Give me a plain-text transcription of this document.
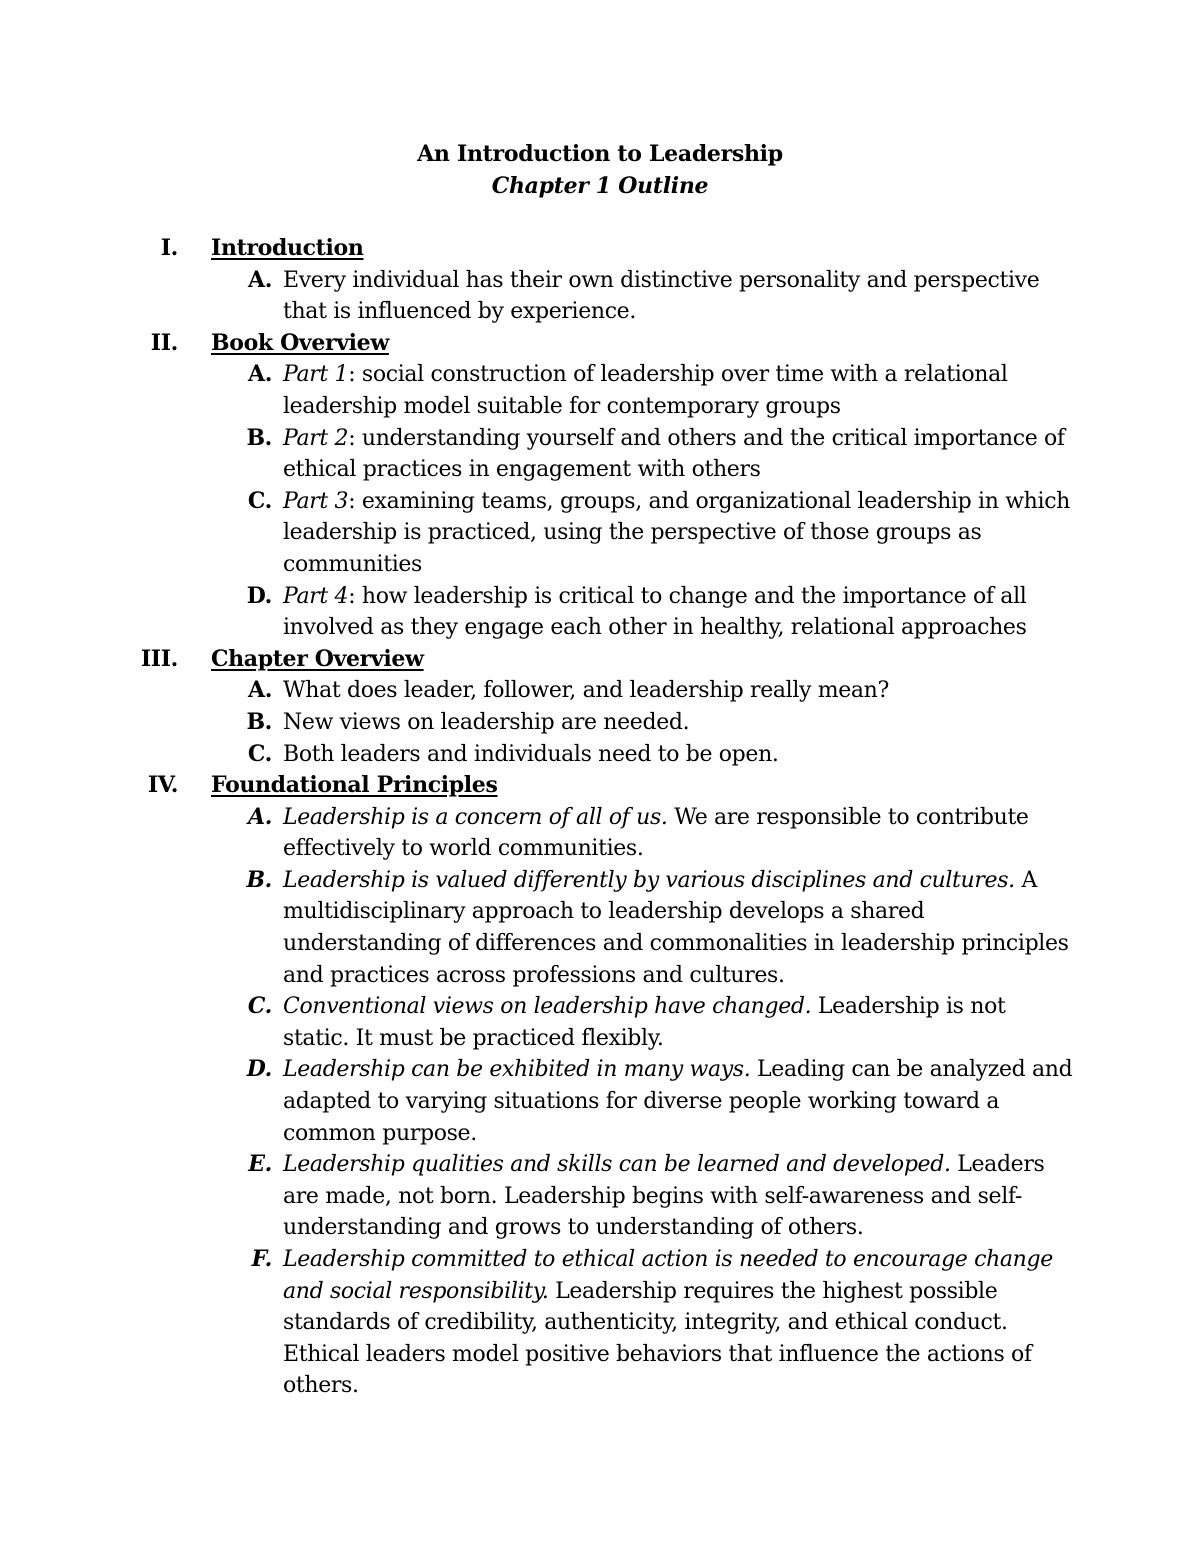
An Introduction to Leadership
Chapter 1 Outline
I. Introduction
A. Every individual has their own distinctive personality and perspective that is influenced by experience.
II. Book Overview
A. Part 1: social construction of leadership over time with a relational leadership model suitable for contemporary groups
B. Part 2: understanding yourself and others and the critical importance of ethical practices in engagement with others
C. Part 3: examining teams, groups, and organizational leadership in which leadership is practiced, using the perspective of those groups as communities
D. Part 4: how leadership is critical to change and the importance of all involved as they engage each other in healthy, relational approaches
III. Chapter Overview
A. What does leader, follower, and leadership really mean?
B. New views on leadership are needed.
C. Both leaders and individuals need to be open.
IV. Foundational Principles
A. Leadership is a concern of all of us. We are responsible to contribute effectively to world communities.
B. Leadership is valued differently by various disciplines and cultures. A multidisciplinary approach to leadership develops a shared understanding of differences and commonalities in leadership principles and practices across professions and cultures.
C. Conventional views on leadership have changed. Leadership is not static. It must be practiced flexibly.
D. Leadership can be exhibited in many ways. Leading can be analyzed and adapted to varying situations for diverse people working toward a common purpose.
E. Leadership qualities and skills can be learned and developed. Leaders are made, not born. Leadership begins with self-awareness and self-understanding and grows to understanding of others.
F. Leadership committed to ethical action is needed to encourage change and social responsibility. Leadership requires the highest possible standards of credibility, authenticity, integrity, and ethical conduct. Ethical leaders model positive behaviors that influence the actions of others.
